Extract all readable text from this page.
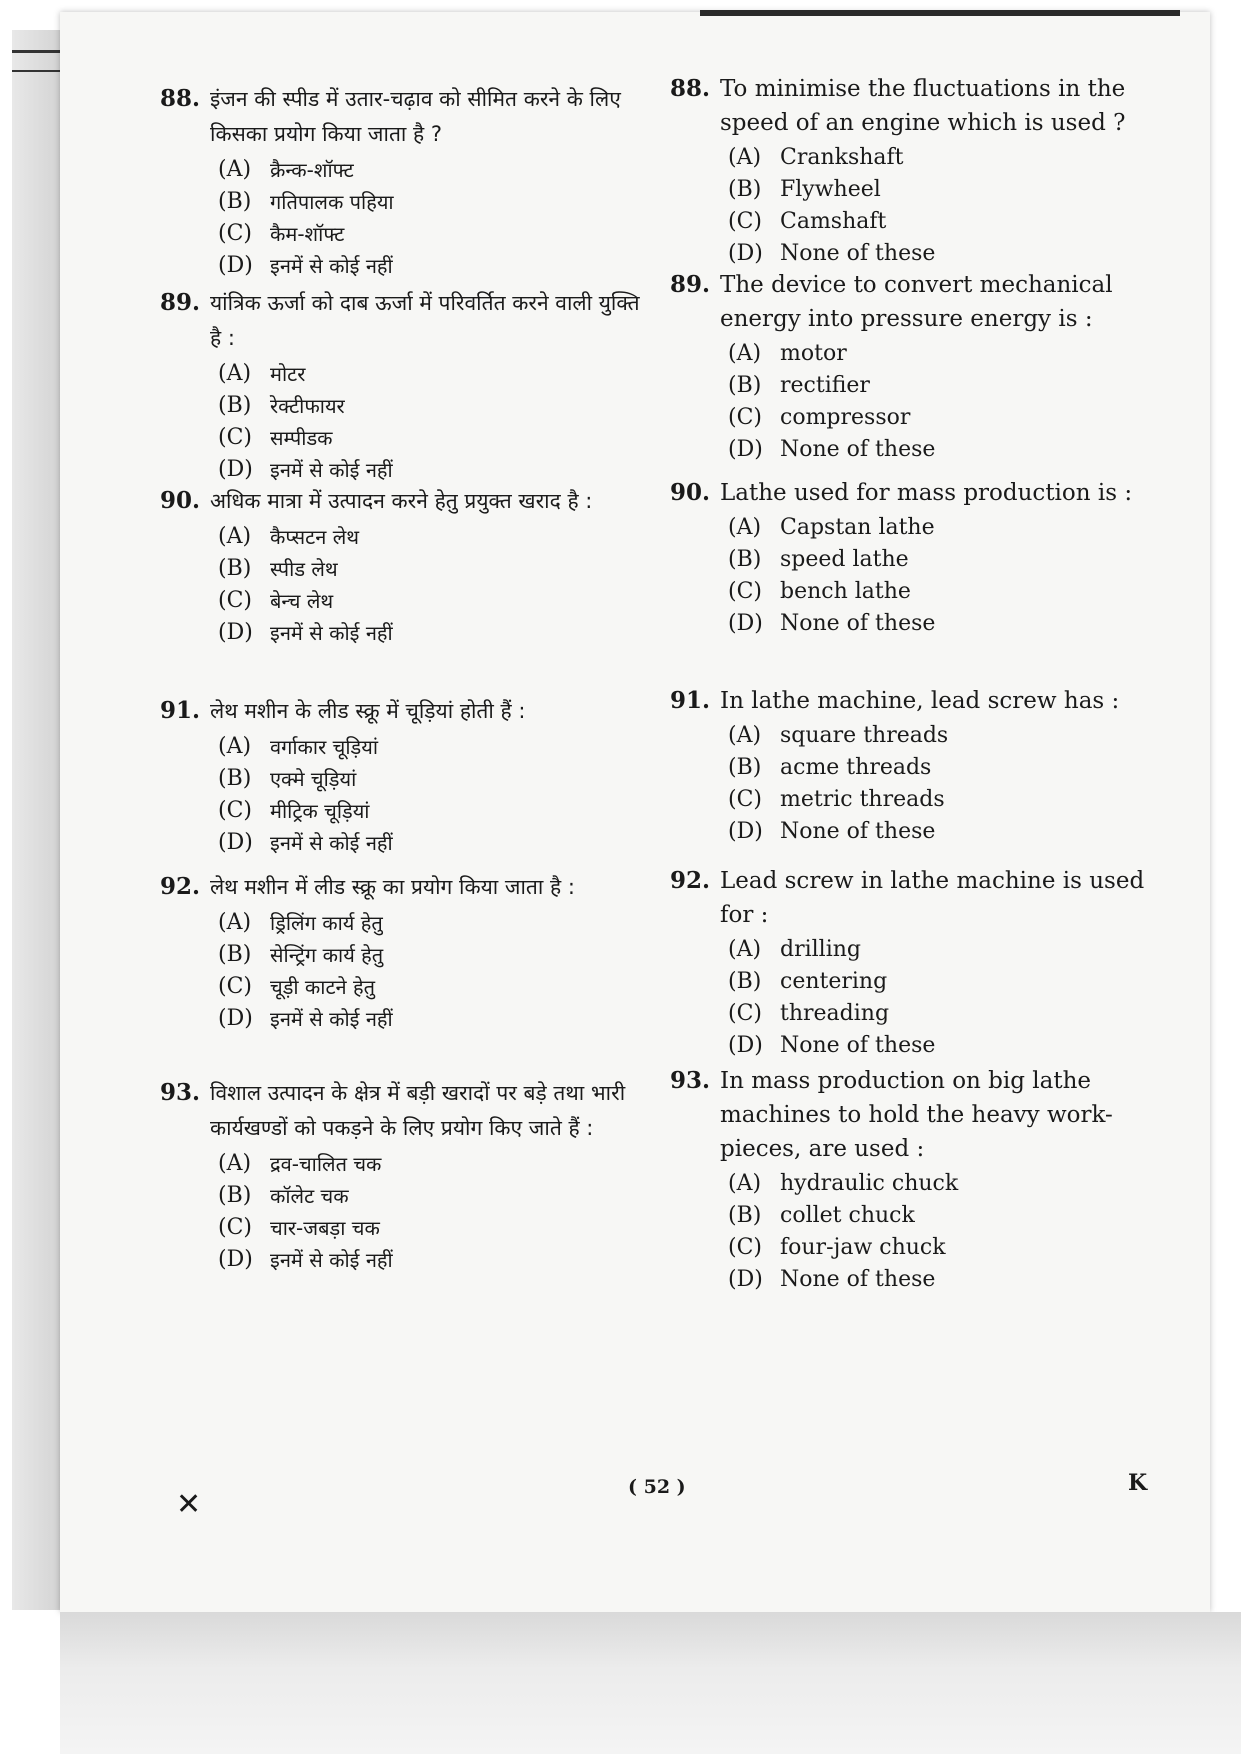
88. इंजन की स्पीड में उतार-चढ़ाव को सीमित करने के लिए किसका प्रयोग किया जाता है ?
(A) क्रैन्क-शॉफ्ट
(B) गतिपालक पहिया
(C) कैम-शॉफ्ट
(D) इनमें से कोई नहीं
89. यांत्रिक ऊर्जा को दाब ऊर्जा में परिवर्तित करने वाली युक्ति है :
(A) मोटर
(B) रेक्टीफायर
(C) सम्पीडक
(D) इनमें से कोई नहीं
90. अधिक मात्रा में उत्पादन करने हेतु प्रयुक्त खराद है :
(A) कैप्सटन लेथ
(B) स्पीड लेथ
(C) बेन्च लेथ
(D) इनमें से कोई नहीं
91. लेथ मशीन के लीड स्क्रू में चूड़ियां होती हैं :
(A) वर्गाकार चूड़ियां
(B) एक्मे चूड़ियां
(C) मीट्रिक चूड़ियां
(D) इनमें से कोई नहीं
92. लेथ मशीन में लीड स्क्रू का प्रयोग किया जाता है :
(A) ड्रिलिंग कार्य हेतु
(B) सेन्ट्रिंग कार्य हेतु
(C) चूड़ी काटने हेतु
(D) इनमें से कोई नहीं
93. विशाल उत्पादन के क्षेत्र में बड़ी खरादों पर बड़े तथा भारी कार्यखण्डों को पकड़ने के लिए प्रयोग किए जाते हैं :
(A) द्रव-चालित चक
(B) कॉलेट चक
(C) चार-जबड़ा चक
(D) इनमें से कोई नहीं
88. To minimise the fluctuations in the speed of an engine which is used ?
(A) Crankshaft
(B) Flywheel
(C) Camshaft
(D) None of these
89. The device to convert mechanical energy into pressure energy is :
(A) motor
(B) rectifier
(C) compressor
(D) None of these
90. Lathe used for mass production is :
(A) Capstan lathe
(B) speed lathe
(C) bench lathe
(D) None of these
91. In lathe machine, lead screw has :
(A) square threads
(B) acme threads
(C) metric threads
(D) None of these
92. Lead screw in lathe machine is used for :
(A) drilling
(B) centering
(C) threading
(D) None of these
93. In mass production on big lathe machines to hold the heavy work-pieces, are used :
(A) hydraulic chuck
(B) collet chuck
(C) four-jaw chuck
(D) None of these
✕	( 52 )	K
